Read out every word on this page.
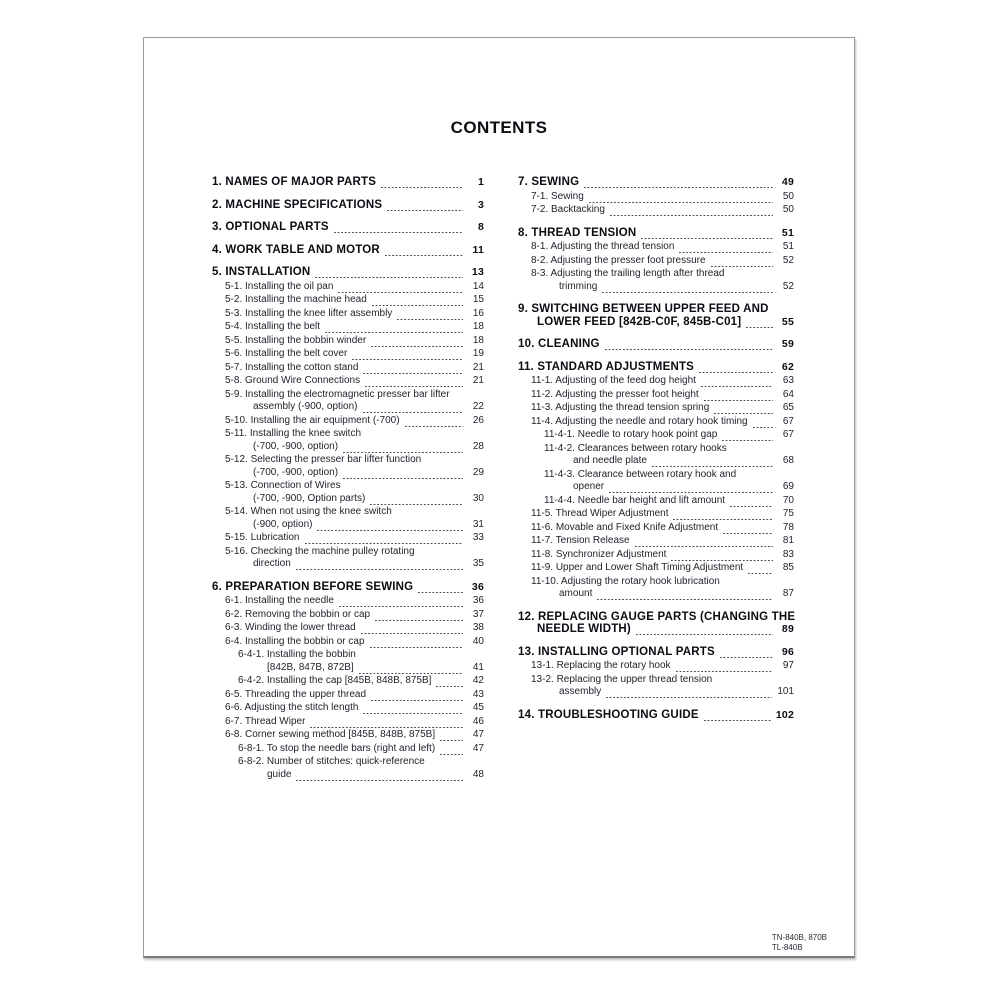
CONTENTS
1. NAMES OF MAJOR PARTS	1
2. MACHINE SPECIFICATIONS	3
3. OPTIONAL PARTS	8
4. WORK TABLE AND MOTOR	11
5. INSTALLATION	13
5-1. Installing the oil pan	14
5-2. Installing the machine head	15
5-3. Installing the knee lifter assembly	16
5-4. Installing the belt	18
5-5. Installing the bobbin winder	18
5-6. Installing the belt cover	19
5-7. Installing the cotton stand	21
5-8. Ground Wire Connections	21
5-9. Installing the electromagnetic presser bar lifter
assembly (-900, option)	22
5-10. Installing the air equipment (-700)	26
5-11. Installing the knee switch
(-700, -900, option)	28
5-12. Selecting the presser bar lifter function
(-700, -900, option)	29
5-13. Connection of Wires
(-700, -900, Option parts)	30
5-14. When not using the knee switch
(-900, option)	31
5-15. Lubrication	33
5-16. Checking the machine pulley rotating
direction	35
6. PREPARATION BEFORE SEWING	36
6-1. Installing the needle	36
6-2. Removing the bobbin or cap	37
6-3. Winding the lower thread	38
6-4. Installing the bobbin or cap	40
6-4-1. Installing the bobbin
[842B, 847B, 872B]	41
6-4-2. Installing the cap [845B, 848B, 875B]	42
6-5. Threading the upper thread	43
6-6. Adjusting the stitch length	45
6-7. Thread Wiper	46
6-8. Corner sewing method [845B, 848B, 875B]	47
6-8-1. To stop the needle bars (right and left)	47
6-8-2. Number of stitches: quick-reference
guide	48
7. SEWING	49
7-1. Sewing	50
7-2. Backtacking	50
8. THREAD TENSION	51
8-1. Adjusting the thread tension	51
8-2. Adjusting the presser foot pressure	52
8-3. Adjusting the trailing length after thread
trimming	52
9. SWITCHING BETWEEN UPPER FEED AND
LOWER FEED [842B-C0F, 845B-C01]	55
10. CLEANING	59
11. STANDARD ADJUSTMENTS	62
11-1. Adjusting of the feed dog height	63
11-2. Adjusting the presser foot height	64
11-3. Adjusting the thread tension spring	65
11-4. Adjusting the needle and rotary hook timing	67
11-4-1. Needle to rotary hook point gap	67
11-4-2. Clearances between rotary hooks
and needle plate	68
11-4-3. Clearance between rotary hook and
opener	69
11-4-4. Needle bar height and lift amount	70
11-5. Thread Wiper Adjustment	75
11-6. Movable and Fixed Knife Adjustment	78
11-7. Tension Release	81
11-8. Synchronizer Adjustment	83
11-9. Upper and Lower Shaft Timing Adjustment	85
11-10. Adjusting the rotary hook lubrication
amount	87
12. REPLACING GAUGE PARTS (CHANGING THE
NEEDLE WIDTH)	89
13. INSTALLING OPTIONAL PARTS	96
13-1. Replacing the rotary hook	97
13-2. Replacing the upper thread tension
assembly	101
14. TROUBLESHOOTING GUIDE	102
TN-840B, 870B
TL-840B
